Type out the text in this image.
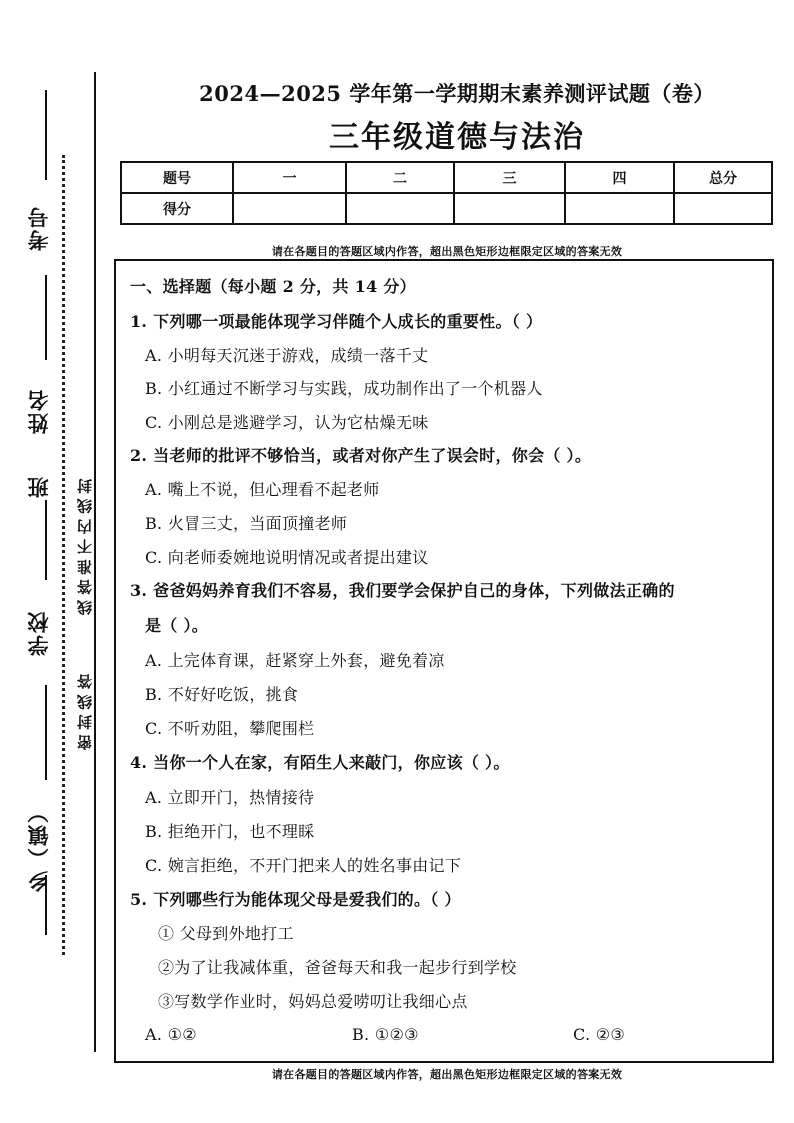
考号
姓名
班
学校
乡（镇）
线 答 准 不 内 线 封
密 封 线 答
2024—2025 学年第一学期期末素养测评试题（卷）
三年级道德与法治
题号	一	二	三	四	总分
得分					
请在各题目的答题区域内作答，超出黑色矩形边框限定区域的答案无效
一、选择题（每小题 2 分，共 14 分）
1. 下列哪一项最能体现学习伴随个人成长的重要性。（ ）
A. 小明每天沉迷于游戏，成绩一落千丈
B. 小红通过不断学习与实践，成功制作出了一个机器人
C. 小刚总是逃避学习，认为它枯燥无味
2. 当老师的批评不够恰当，或者对你产生了误会时，你会（ ）。
A. 嘴上不说，但心理看不起老师
B. 火冒三丈，当面顶撞老师
C. 向老师委婉地说明情况或者提出建议
3. 爸爸妈妈养育我们不容易，我们要学会保护自己的身体，下列做法正确的
是（ ）。
A. 上完体育课，赶紧穿上外套，避免着凉
B. 不好好吃饭，挑食
C. 不听劝阻，攀爬围栏
4. 当你一个人在家，有陌生人来敲门，你应该（ ）。
A. 立即开门，热情接待
B. 拒绝开门，也不理睬
C. 婉言拒绝，不开门把来人的姓名事由记下
5. 下列哪些行为能体现父母是爱我们的。（ ）
① 父母到外地打工
②为了让我减体重，爸爸每天和我一起步行到学校
③写数学作业时，妈妈总爱唠叨让我细心点
A. ①②	B. ①②③	C. ②③
请在各题目的答题区域内作答，超出黑色矩形边框限定区域的答案无效
